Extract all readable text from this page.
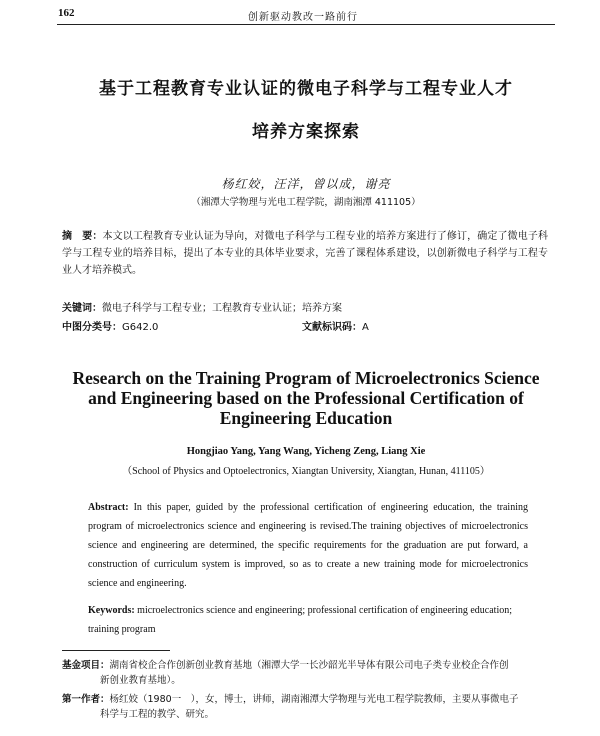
162	创新驱动教改一路前行
基于工程教育专业认证的微电子科学与工程专业人才
培养方案探索
杨红姣，汪洋，曾以成，谢亮
（湘潭大学物理与光电工程学院，湖南湘潭 411105）
摘　要：本文以工程教育专业认证为导向，对微电子科学与工程专业的培养方案进行了修订，确定了微电子科学与工程专业的培养目标，提出了本专业的具体毕业要求，完善了课程体系建设，以创新微电子科学与工程专业人才培养模式。
关键词：微电子科学与工程专业；工程教育专业认证；培养方案
中图分类号：G642.0	文献标识码：A
Research on the Training Program of Microelectronics Science and Engineering based on the Professional Certification of Engineering Education
Hongjiao Yang, Yang Wang, Yicheng Zeng, Liang Xie
（School of Physics and Optoelectronics, Xiangtan University, Xiangtan, Hunan, 411105）
Abstract: In this paper, guided by the professional certification of engineering education, the training program of microelectronics science and engineering is revised.The training objectives of microelectronics science and engineering are determined, the specific requirements for the graduation are put forward, a construction of curriculum system is improved, so as to create a new training mode for microelectronics science and engineering.
Keywords: microelectronics science and engineering; professional certification of engineering education; training program
基金项目：湖南省校企合作创新创业教育基地（湘潭大学一长沙韶光半导体有限公司电子类专业校企合作创
新创业教育基地）。
第一作者：杨红姣（1980一　），女，博士，讲师，湖南湘潭大学物理与光电工程学院教师，主要从事微电子
科学与工程的教学、研究。
